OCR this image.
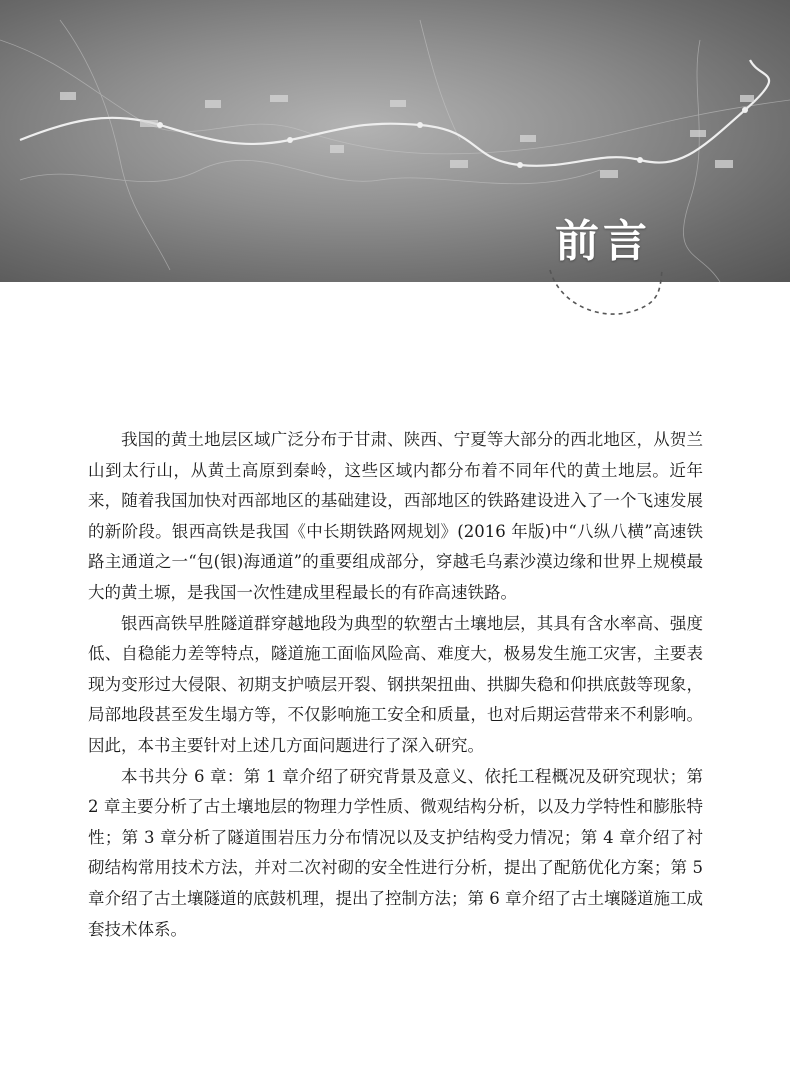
前言

我国的黄土地层区域广泛分布于甘肃、陕西、宁夏等大部分的西北地区，从贺兰山到太行山，从黄土高原到秦岭，这些区域内都分布着不同年代的黄土地层。近年来，随着我国加快对西部地区的基础建设，西部地区的铁路建设进入了一个飞速发展的新阶段。银西高铁是我国《中长期铁路网规划》(2016 年版)中“八纵八横”高速铁路主通道之一“包(银)海通道”的重要组成部分，穿越毛乌素沙漠边缘和世界上规模最大的黄土塬，是我国一次性建成里程最长的有砟高速铁路。

银西高铁早胜隧道群穿越地段为典型的软塑古土壤地层，其具有含水率高、强度低、自稳能力差等特点，隧道施工面临风险高、难度大，极易发生施工灾害，主要表现为变形过大侵限、初期支护喷层开裂、钢拱架扭曲、拱脚失稳和仰拱底鼓等现象，局部地段甚至发生塌方等，不仅影响施工安全和质量，也对后期运营带来不利影响。因此，本书主要针对上述几方面问题进行了深入研究。

本书共分 6 章：第 1 章介绍了研究背景及意义、依托工程概况及研究现状；第 2 章主要分析了古土壤地层的物理力学性质、微观结构分析，以及力学特性和膨胀特性；第 3 章分析了隧道围岩压力分布情况以及支护结构受力情况；第 4 章介绍了衬砌结构常用技术方法，并对二次衬砌的安全性进行分析，提出了配筋优化方案；第 5 章介绍了古土壤隧道的底鼓机理，提出了控制方法；第 6 章介绍了古土壤隧道施工成套技术体系。
